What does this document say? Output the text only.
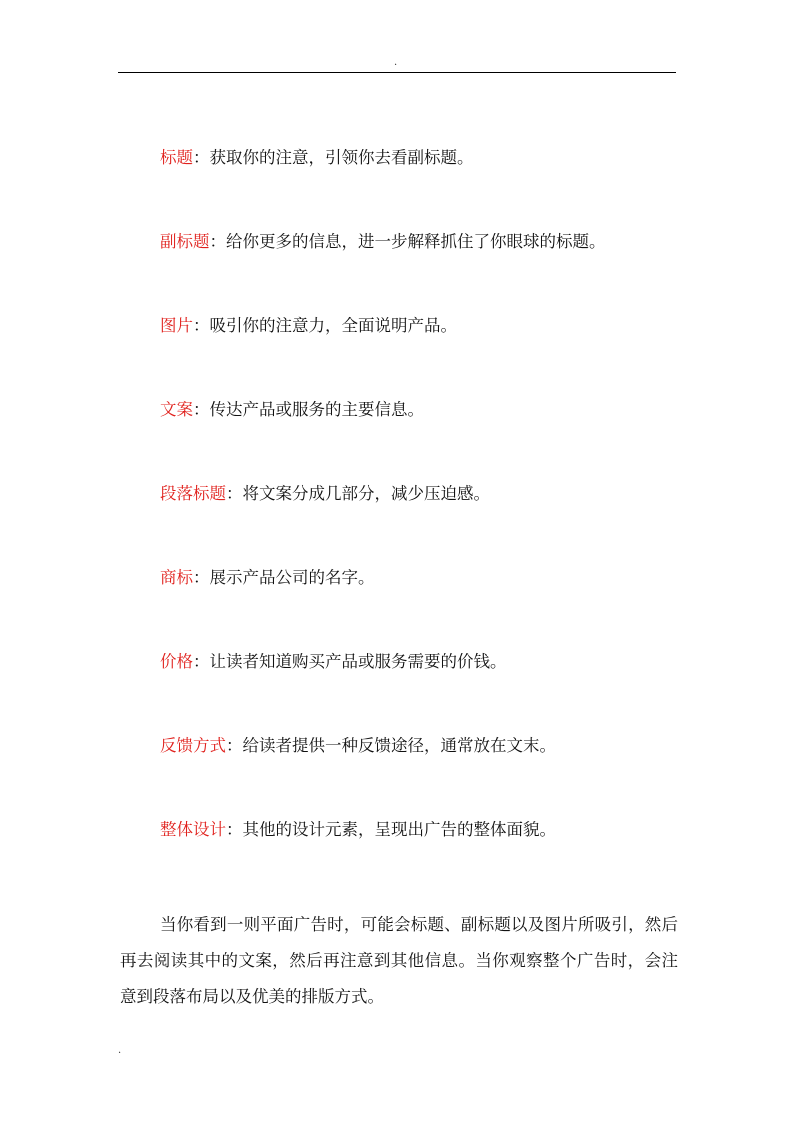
.
标题：获取你的注意，引领你去看副标题。
副标题：给你更多的信息，进一步解释抓住了你眼球的标题。
图片：吸引你的注意力，全面说明产品。
文案：传达产品或服务的主要信息。
段落标题：将文案分成几部分，减少压迫感。
商标：展示产品公司的名字。
价格：让读者知道购买产品或服务需要的价钱。
反馈方式：给读者提供一种反馈途径，通常放在文末。
整体设计：其他的设计元素，呈现出广告的整体面貌。

当你看到一则平面广告时，可能会标题、副标题以及图片所吸引，然后再去阅读其中的文案，然后再注意到其他信息。当你观察整个广告时，会注意到段落布局以及优美的排版方式。

.
